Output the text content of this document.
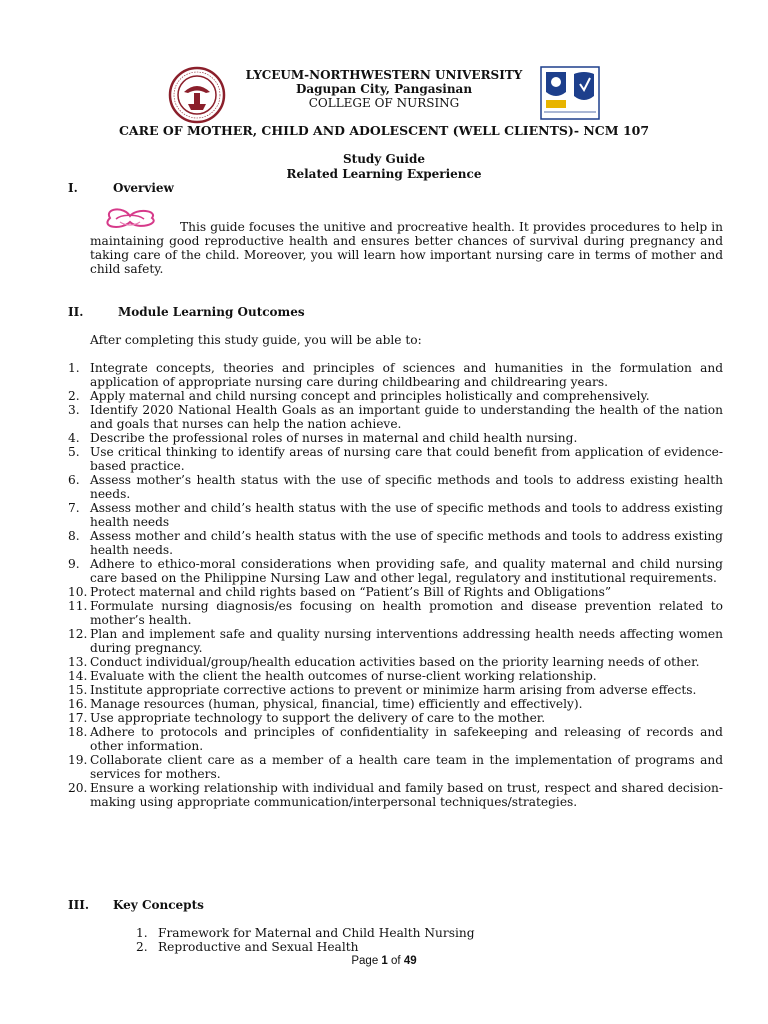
LYCEUM-NORTHWESTERN UNIVERSITY
Dagupan City, Pangasinan
COLLEGE OF NURSING
CARE OF MOTHER, CHILD AND ADOLESCENT (WELL CLIENTS)- NCM 107
Study Guide
Related Learning Experience
I.	Overview
This guide focuses the unitive and procreative health. It provides procedures to help in maintaining good reproductive health and ensures better chances of survival during pregnancy and taking care of the child. Moreover, you will learn how important nursing care in terms of mother and child safety.
II.	Module Learning Outcomes
After completing this study guide, you will be able to:
1. Integrate concepts, theories and principles of sciences and humanities in the formulation and application of appropriate nursing care during childbearing and childrearing years.
2. Apply maternal and child nursing concept and principles holistically and comprehensively.
3. Identify 2020 National Health Goals as an important guide to understanding the health of the nation and goals that nurses can help the nation achieve.
4. Describe the professional roles of nurses in maternal and child health nursing.
5. Use critical thinking to identify areas of nursing care that could benefit from application of evidence-based practice.
6. Assess mother’s health status with the use of specific methods and tools to address existing health needs.
7. Assess mother and child’s health status with the use of specific methods and tools to address existing health needs
8. Assess mother and child’s health status with the use of specific methods and tools to address existing health needs.
9. Adhere to ethico-moral considerations when providing safe, and quality maternal and child nursing care based on the Philippine Nursing Law and other legal, regulatory and institutional requirements.
10. Protect maternal and child rights based on “Patient’s Bill of Rights and Obligations”
11. Formulate nursing diagnosis/es focusing on health promotion and disease prevention related to mother’s health.
12. Plan and implement safe and quality nursing interventions addressing health needs affecting women during pregnancy.
13. Conduct individual/group/health education activities based on the priority learning needs of other.
14. Evaluate with the client the health outcomes of nurse-client working relationship.
15. Institute appropriate corrective actions to prevent or minimize harm arising from adverse effects.
16. Manage resources (human, physical, financial, time) efficiently and effectively).
17. Use appropriate technology to support the delivery of care to the mother.
18. Adhere to protocols and principles of confidentiality in safekeeping and releasing of records and other information.
19. Collaborate client care as a member of a health care team in the implementation of programs and services for mothers.
20. Ensure a working relationship with individual and family based on trust, respect and shared decision-making using appropriate communication/interpersonal techniques/strategies.
III. Key Concepts
1. Framework for Maternal and Child Health Nursing
2. Reproductive and Sexual Health
Page 1 of 49
